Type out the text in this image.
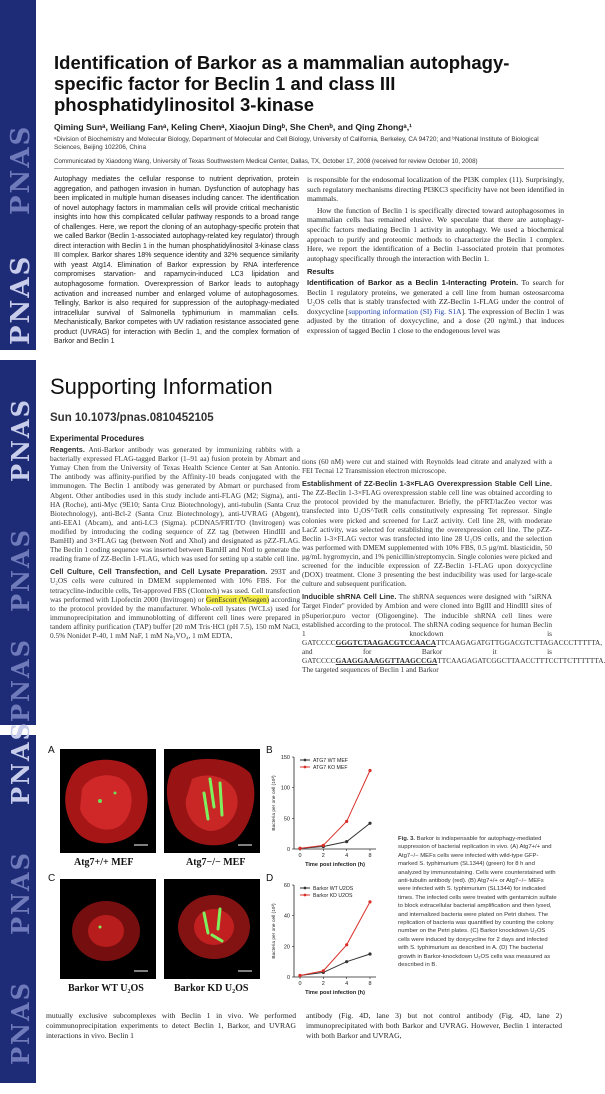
PNAS
PNAS
Identification of Barkor as a mammalian autophagy-specific factor for Beclin 1 and class III phosphatidylinositol 3-kinase
Qiming Sunᵃ, Weiliang Fanᵃ, Keling Chenᵃ, Xiaojun Dingᵇ, She Chenᵇ, and Qing Zhongᵃ,¹
ᵃDivision of Biochemistry and Molecular Biology, Department of Molecular and Cell Biology, University of California, Berkeley, CA 94720; and ᵇNational Institute of Biological Sciences, Beijing 102206, China
Communicated by Xiaodong Wang, University of Texas Southwestern Medical Center, Dallas, TX, October 17, 2008 (received for review October 10, 2008)
Autophagy mediates the cellular response to nutrient deprivation, protein aggregation, and pathogen invasion in human. Dysfunction of autophagy has been implicated in multiple human diseases including cancer. The identification of novel autophagy factors in mammalian cells will provide critical mechanistic insights into how this complicated cellular pathway responds to a broad range of challenges. Here, we report the cloning of an autophagy-specific protein that we called Barkor (Beclin 1-associated autophagy-related key regulator) through direct interaction with Beclin 1 in the human phosphatidylinositol 3-kinase class III complex. Barkor shares 18% sequence identity and 32% sequence similarity with yeast Atg14. Elimination of Barkor expression by RNA interference compromises starvation- and rapamycin-induced LC3 lipidation and autophagosome formation. Overexpression of Barkor leads to autophagy activation and increased number and enlarged volume of autophagosomes. Tellingly, Barkor is also required for suppression of the autophagy-mediated intracellular survival of Salmonella typhimurium in mammalian cells. Mechanistically, Barkor competes with UV radiation resistance associated gene product (UVRAG) for interaction with Beclin 1, and the complex formation of Barkor and Beclin 1

is responsible for the endosomal localization of the PI3K complex (11). Surprisingly, such regulatory mechanisms directing PI3KC3 specificity have not been identified in mammals.

How the function of Beclin 1 is specifically directed toward autophagosomes in mammalian cells has remained elusive. We speculate that there are autophagy-specific factors mediating Beclin 1 activity in autophagy. We used a biochemical approach to purify and proteomic methods to characterize the Beclin 1 complex. Here, we report the identification of a Beclin 1-associated protein that promotes autophagy specifically through the interaction with Beclin 1.

Results

Identification of Barkor as a Beclin 1-Interacting Protein. To search for Beclin 1 regulatory proteins, we generated a cell line from human osteosarcoma U₂OS cells that is stably transfected with ZZ-Beclin 1-FLAG under the control of doxycycline [supporting information (SI) Fig. S1A]. The expression of Beclin 1 was adjusted by the titration of doxycycline, and a dose (20 ng/mL) that induces expression of tagged Beclin 1 close to the endogenous level was

PNAS
PNAS
PNAS
Supporting Information
Sun 10.1073/pnas.0810452105
Experimental Procedures

Reagents. Anti-Barkor antibody was generated by immunizing rabbits with a bacterially expressed FLAG-tagged Barkor (1–91 aa) fusion protein by Abmart and Yumay Chen from the University of Texas Health Science Center at San Antonio. The antibody was affinity-purified by the Affinity-10 beads conjugated with the immunogen. The Beclin 1 antibody was generated by Abmart or purchased from Abgent. Other antibodies used in this study include anti-FLAG (M2; Sigma), anti-HA (Roche), anti-Myc (9E10; Santa Cruz Biotechnology), anti-tubulin (Santa Cruz Biotechnology), anti-Bcl-2 (Santa Cruz Biotechnology), anti-UVRAG (Abgent), anti-EEA1 (Abcam), and anti-LC3 (Sigma). pCDNA5/FRT/TO (Invitrogen) was modified by introducing the coding sequence of ZZ tag (between HindIII and BamHI) and 3×FLAG tag (between NotI and XhoI) and designated as pZZ-FLAG. The Beclin 1 coding sequence was inserted between BamHI and NotI to generate the reading frame of ZZ-Beclin 1-FLAG, which was used for setting up a stable cell line.

Cell Culture, Cell Transfection, and Cell Lysate Preparation. 293T and U₂OS cells were cultured in DMEM supplemented with 10% FBS. For the tetracycline-inducible cells, Tet-approved FBS (Clontech) was used. Cell transfection was performed with Lipofectin 2000 (Invitrogen) or GenEscort (Wisegen) according to the protocol provided by the manufacturer. Whole-cell lysates (WCLs) used for immunoprecipitation and immunoblotting of different cell lines were prepared in tandem affinity purification (TAP) buffer [20 mM Tris·HCl (pH 7.5), 150 mM NaCl, 0.5% Nonidet P-40, 1 mM NaF, 1 mM Na₃VO₄, 1 mM EDTA,

tions (60 nM) were cut and stained with Reynolds lead citrate and analyzed with a FEI Tecnai 12 Transmission electron microscope.

Establishment of ZZ-Beclin 1-3×FLAG Overexpression Stable Cell Line. The ZZ-Beclin 1-3×FLAG overexpression stable cell line was obtained according to the protocol provided by the manufacturer. Briefly, the pFRT/lacZeo vector was transfected into U₂OS^TetR cells constitutively expressing Tet repressor. Single colonies were picked and screened for LacZ activity. Cell line 28, with moderate LacZ activity, was selected for establishing the overexpression cell line. The pZZ-Beclin 1-3×FLAG vector was transfected into line 28 U₂OS cells, and the selection was performed with DMEM supplemented with 10% FBS, 0.5 μg/mL blasticidin, 50 μg/mL hygromycin, and 1% penicillin/streptomycin. Single colonies were picked and screened for the inducible expression of ZZ-Beclin 1-FLAG upon doxycycline (DOX) treatment. Clone 3 presenting the best inducibility was used for large-scale culture and subsequent purification.

Inducible shRNA Cell Line. The shRNA sequences were designed with "siRNA Target Finder" provided by Ambion and were cloned into BglII and HindIII sites of pSuperior.puro vector (Oligoengine). The inducible shRNA cell lines were established according to the protocol. The shRNA coding sequence for human Beclin 1 knockdown is GATCCCCGGGTCTAAGACGTCCAACATTCAAGAGATGTTGGACGTCTTAGACCCTTTTTA, and for Barkor it is GATCCCCGAAGGAAAGGTTAAGCCGATTCAAGAGATCGGCTTAACCTTTCCTTCTTTTTTA. The targeted sequences of Beclin 1 and Barkor

PNAS
PNAS
PNAS
A
Atg7+/+ MEF	Atg7−/− MEF
C
Barkor WT U₂OS	Barkor KD U₂OS
B
0
50
100
150
0	2	4	8
Time post infection (h)
Bacteria per one cell (10³)
ATG7 WT MEF
ATG7 KO MEF
D
0
20
40
60
0	2	4	8
Time post infection (h)
Bacteria per one cell (10³)
Barkor WT U2OS
Barkor KD U2OS
Fig. 3. Barkor is indispensable for autophagy-mediated suppression of bacterial replication in vivo. (A) Atg7+/+ and Atg7−/− MEFs cells were infected with wild-type GFP-marked S. typhimurium (SL1344) (green) for 8 h and analyzed by immunostaining. Cells were counterstained with anti-tubulin antibody (red). (B) Atg7+/+ or Atg7−/− MEFs were infected with S. typhimurium (SL1344) for indicated times. The infected cells were treated with gentamicin sulfate to block extracellular bacterial amplification and then lysed, and internalized bacteria were plated on Petri dishes. The replication of bacteria was quantified by counting the colony number on the Petri plates. (C) Barkor knockdown U₂OS cells were induced by doxycycline for 2 days and infected with S. typhimurium as described in A. (D) The bacterial growth in Barkor-knockdown U₂OS cells was measured as described in B.
mutually exclusive subcomplexes with Beclin 1 in vivo. We performed coimmunoprecipitation experiments to detect Beclin 1, Barkor, and UVRAG interactions in vivo. Beclin 1
antibody (Fig. 4D, lane 3) but not control antibody (Fig. 4D, lane 2) immunoprecipitated with both Barkor and UVRAG. However, Beclin 1 interacted with both Barkor and UVRAG,
